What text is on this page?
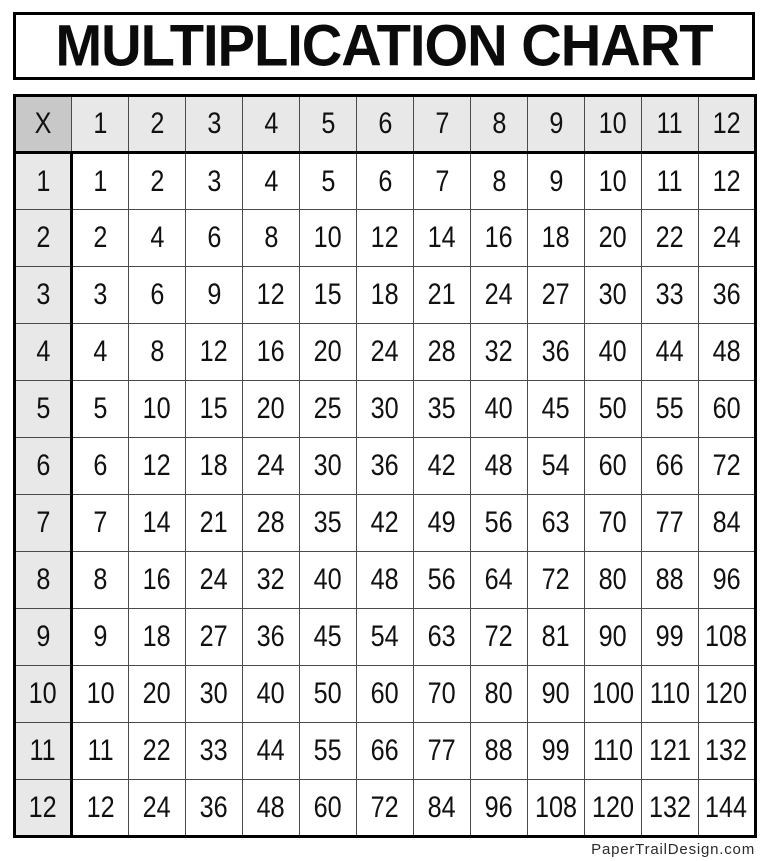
MULTIPLICATION CHART
X	1	2	3	4	5	6	7	8	9	10	11	12
1	1	2	3	4	5	6	7	8	9	10	11	12
2	2	4	6	8	10	12	14	16	18	20	22	24
3	3	6	9	12	15	18	21	24	27	30	33	36
4	4	8	12	16	20	24	28	32	36	40	44	48
5	5	10	15	20	25	30	35	40	45	50	55	60
6	6	12	18	24	30	36	42	48	54	60	66	72
7	7	14	21	28	35	42	49	56	63	70	77	84
8	8	16	24	32	40	48	56	64	72	80	88	96
9	9	18	27	36	45	54	63	72	81	90	99	108
10	10	20	30	40	50	60	70	80	90	100	110	120
11	11	22	33	44	55	66	77	88	99	110	121	132
12	12	24	36	48	60	72	84	96	108	120	132	144
PaperTrailDesign.com
